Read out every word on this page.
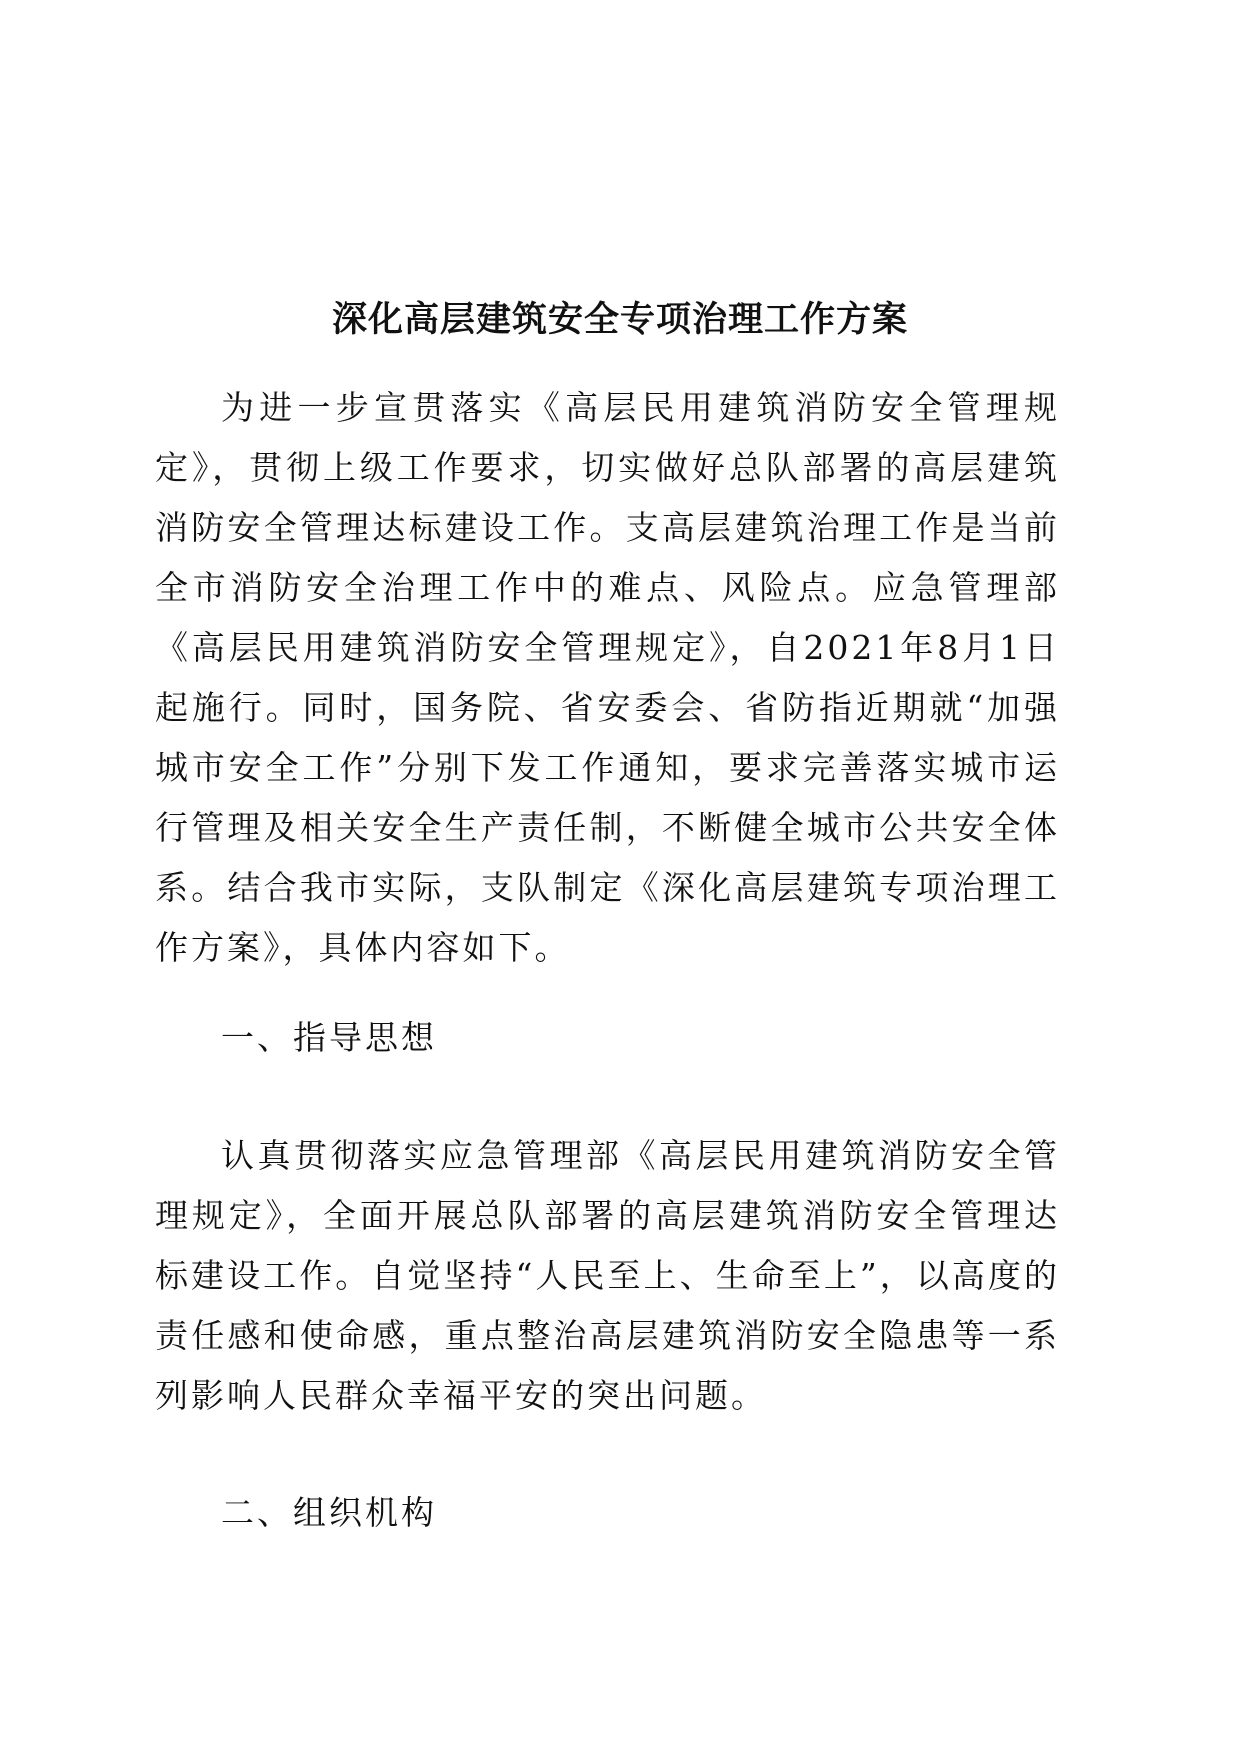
深化高层建筑安全专项治理工作方案

为进一步宣贯落实《高层民用建筑消防安全管理规定》，贯彻上级工作要求，切实做好总队部署的高层建筑消防安全管理达标建设工作。支高层建筑治理工作是当前全市消防安全治理工作中的难点、风险点。应急管理部《高层民用建筑消防安全管理规定》，自2021年8月1日起施行。同时，国务院、省安委会、省防指近期就“加强城市安全工作”分别下发工作通知，要求完善落实城市运行管理及相关安全生产责任制，不断健全城市公共安全体系。结合我市实际，支队制定《深化高层建筑专项治理工作方案》，具体内容如下。

一、指导思想

认真贯彻落实应急管理部《高层民用建筑消防安全管理规定》，全面开展总队部署的高层建筑消防安全管理达标建设工作。自觉坚持“人民至上、生命至上”，以高度的责任感和使命感，重点整治高层建筑消防安全隐患等一系列影响人民群众幸福平安的突出问题。

二、组织机构
